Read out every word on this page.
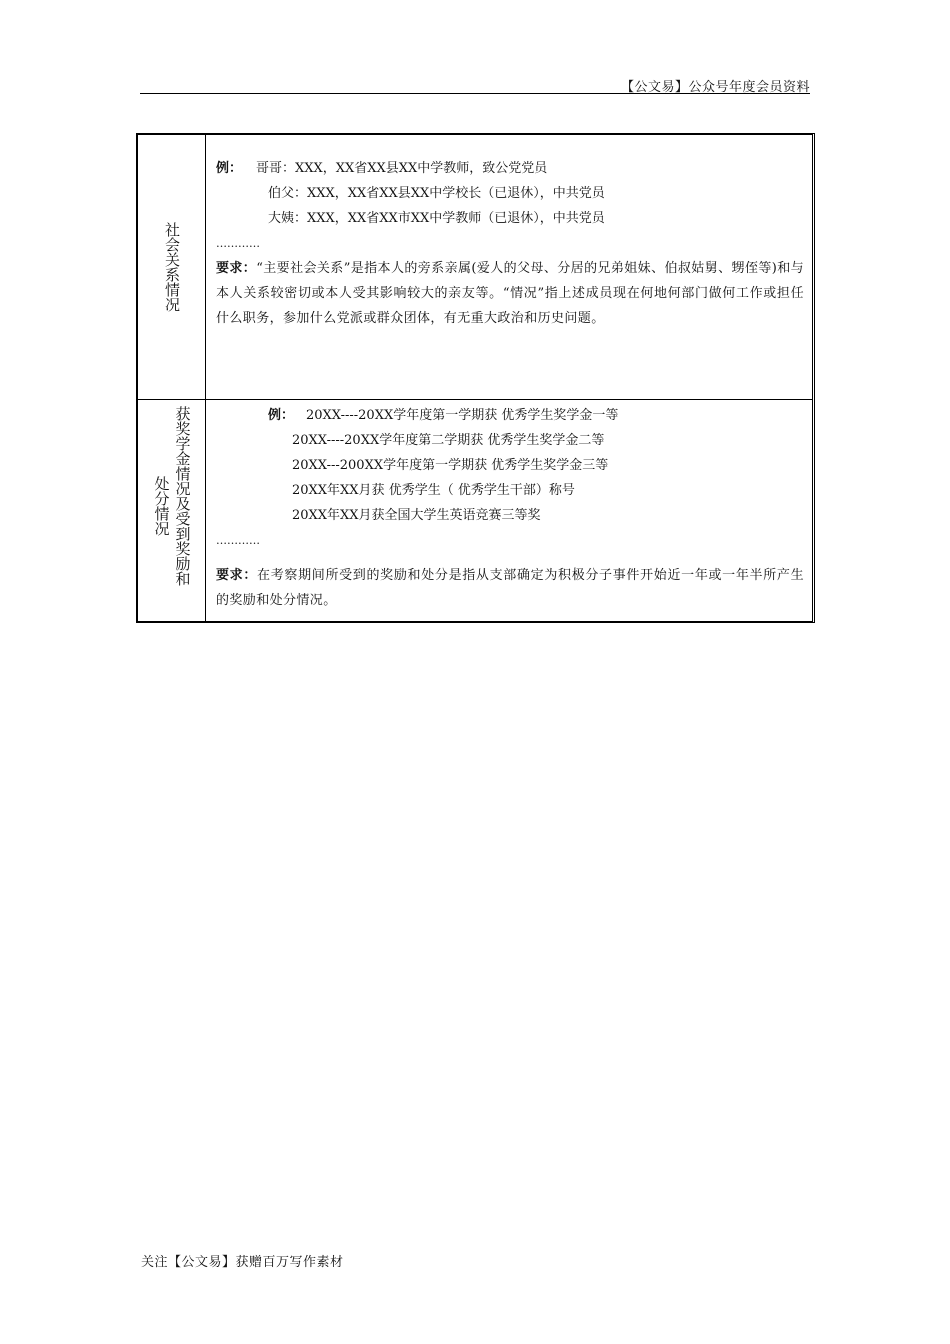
【公文易】公众号年度会员资料
社会关系情况
例： 哥哥：XXX，XX省XX县XX中学教师，致公党党员
伯父：XXX，XX省XX县XX中学校长（已退休），中共党员
大姨：XXX，XX省XX市XX中学教师（已退休），中共党员
…………
要求：“主要社会关系”是指本人的旁系亲属(爱人的父母、分居的兄弟姐妹、伯叔姑舅、甥侄等)和与本人关系较密切或本人受其影响较大的亲友等。“情况”指上述成员现在何地何部门做何工作或担任什么职务，参加什么党派或群众团体，有无重大政治和历史问题。
获奖学金情况及受到奖励和
处分情况
例： 20XX----20XX学年度第一学期获 优秀学生奖学金一等
20XX----20XX学年度第二学期获 优秀学生奖学金二等
20XX---200XX学年度第一学期获 优秀学生奖学金三等
20XX年XX月获 优秀学生（ 优秀学生干部）称号
20XX年XX月获全国大学生英语竞赛三等奖
…………
要求：在考察期间所受到的奖励和处分是指从支部确定为积极分子事件开始近一年或一年半所产生的奖励和处分情况。
关注【公文易】获赠百万写作素材
